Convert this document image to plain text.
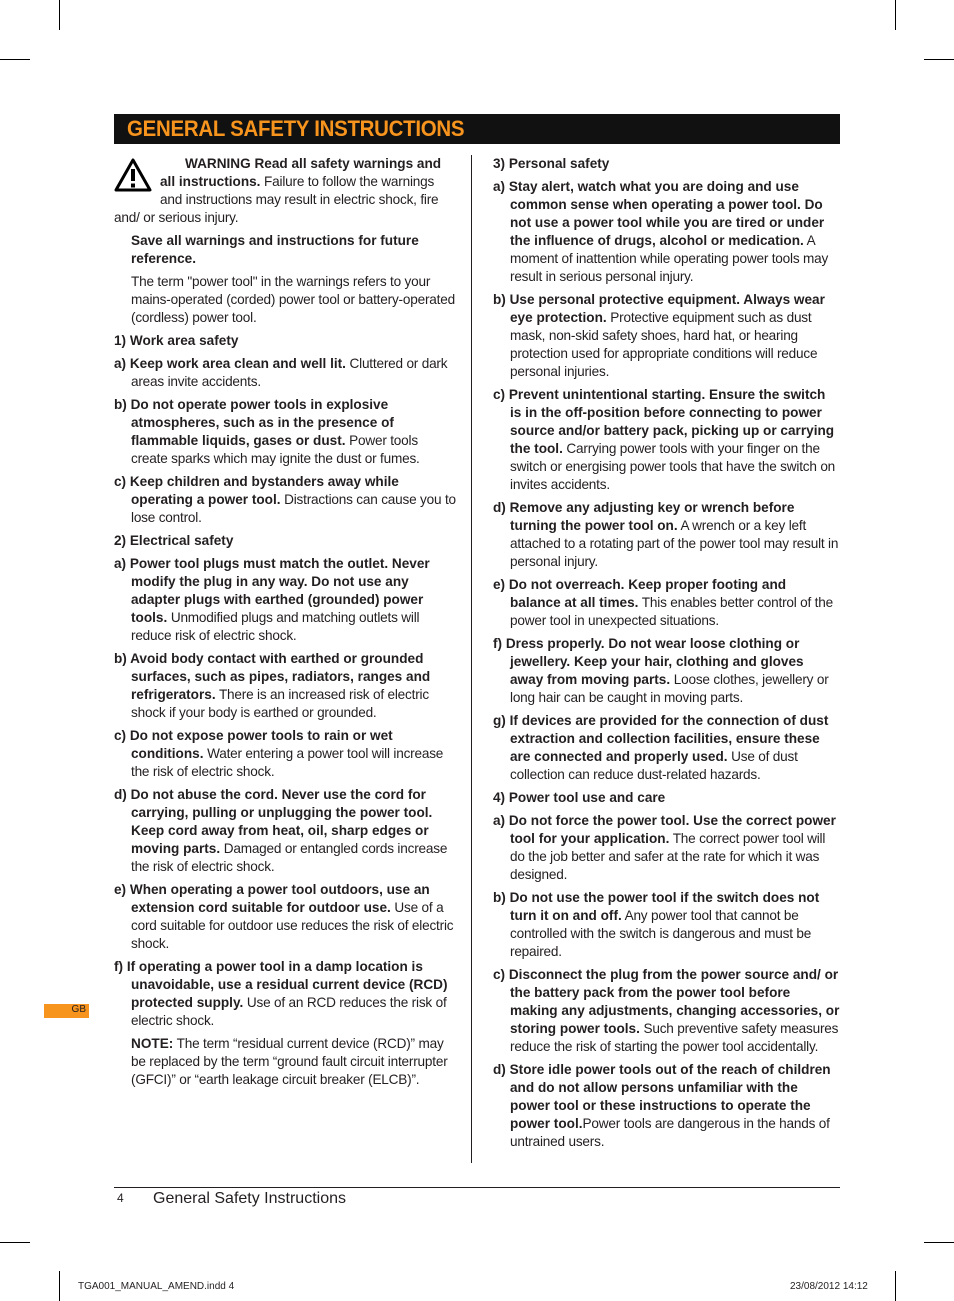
GENERAL SAFETY INSTRUCTIONS

WARNING Read all safety warnings and all instructions. Failure to follow the warnings and instructions may result in electric shock, fire and/ or serious injury.

Save all warnings and instructions for future reference.

The term "power tool" in the warnings refers to your mains-operated (corded) power tool or battery-operated (cordless) power tool.

1) Work area safety

a) Keep work area clean and well lit. Cluttered or dark areas invite accidents.

b) Do not operate power tools in explosive atmospheres, such as in the presence of flammable liquids, gases or dust. Power tools create sparks which may ignite the dust or fumes.

c) Keep children and bystanders away while operating a power tool. Distractions can cause you to lose control.

2) Electrical safety

a) Power tool plugs must match the outlet. Never modify the plug in any way. Do not use any adapter plugs with earthed (grounded) power tools. Unmodified plugs and matching outlets will reduce risk of electric shock.

b) Avoid body contact with earthed or grounded surfaces, such as pipes, radiators, ranges and refrigerators. There is an increased risk of electric shock if your body is earthed or grounded.

c) Do not expose power tools to rain or wet conditions. Water entering a power tool will increase the risk of electric shock.

d) Do not abuse the cord. Never use the cord for carrying, pulling or unplugging the power tool. Keep cord away from heat, oil, sharp edges or moving parts. Damaged or entangled cords increase the risk of electric shock.

e) When operating a power tool outdoors, use an extension cord suitable for outdoor use. Use of a cord suitable for outdoor use reduces the risk of electric shock.

f) If operating a power tool in a damp location is unavoidable, use a residual current device (RCD) protected supply. Use of an RCD reduces the risk of electric shock.

NOTE: The term “residual current device (RCD)” may be replaced by the term “ground fault circuit interrupter (GFCI)” or “earth leakage circuit breaker (ELCB)”.

3) Personal safety

a) Stay alert, watch what you are doing and use common sense when operating a power tool. Do not use a power tool while you are tired or under the influence of drugs, alcohol or medication. A moment of inattention while operating power tools may result in serious personal injury.

b) Use personal protective equipment. Always wear eye protection. Protective equipment such as dust mask, non-skid safety shoes, hard hat, or hearing protection used for appropriate conditions will reduce personal injuries.

c) Prevent unintentional starting. Ensure the switch is in the off-position before connecting to power source and/or battery pack, picking up or carrying the tool. Carrying power tools with your finger on the switch or energising power tools that have the switch on invites accidents.

d) Remove any adjusting key or wrench before turning the power tool on. A wrench or a key left attached to a rotating part of the power tool may result in personal injury.

e) Do not overreach. Keep proper footing and balance at all times. This enables better control of the power tool in unexpected situations.

f) Dress properly. Do not wear loose clothing or jewellery. Keep your hair, clothing and gloves away from moving parts. Loose clothes, jewellery or long hair can be caught in moving parts.

g) If devices are provided for the connection of dust extraction and collection facilities, ensure these are connected and properly used. Use of dust collection can reduce dust-related hazards.

4) Power tool use and care

a) Do not force the power tool. Use the correct power tool for your application. The correct power tool will do the job better and safer at the rate for which it was designed.

b) Do not use the power tool if the switch does not turn it on and off. Any power tool that cannot be controlled with the switch is dangerous and must be repaired.

c) Disconnect the plug from the power source and/ or the battery pack from the power tool before making any adjustments, changing accessories, or storing power tools. Such preventive safety measures reduce the risk of starting the power tool accidentally.

d) Store idle power tools out of the reach of children and do not allow persons unfamiliar with the power tool or these instructions to operate the power tool.Power tools are dangerous in the hands of untrained users.

GB
4 General Safety Instructions
TGA001_MANUAL_AMEND.indd 4	23/08/2012 14:12
